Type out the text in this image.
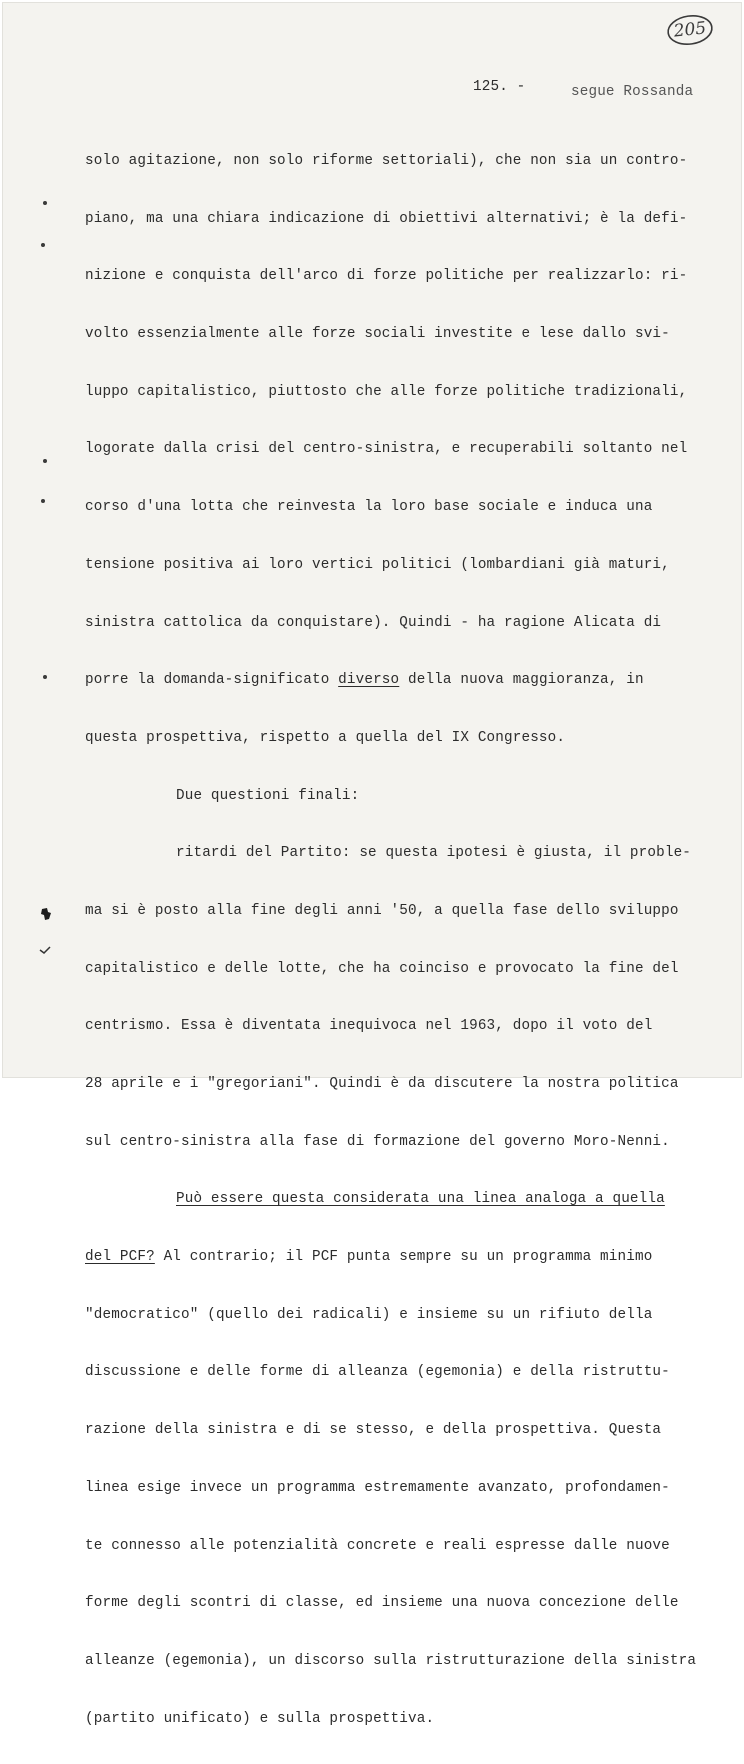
205
125. -	segue Rossanda

solo agitazione, non solo riforme settoriali), che non sia un contro-

piano, ma una chiara indicazione di obiettivi alternativi; è la defi-

nizione e conquista dell'arco di forze politiche per realizzarlo: ri-

volto essenzialmente alle forze sociali investite e lese dallo svi-

luppo capitalistico, piuttosto che alle forze politiche tradizionali,

logorate dalla crisi del centro-sinistra, e recuperabili soltanto nel

corso d'una lotta che reinvesta la loro base sociale e induca una

tensione positiva ai loro vertici politici (lombardiani già maturi,

sinistra cattolica da conquistare). Quindi - ha ragione Alicata di

porre la domanda-significato diverso della nuova maggioranza, in

questa prospettiva, rispetto a quella del IX Congresso.

Due questioni finali:

ritardi del Partito: se questa ipotesi è giusta, il proble-

ma si è posto alla fine degli anni '50, a quella fase dello sviluppo

capitalistico e delle lotte, che ha coinciso e provocato la fine del

centrismo. Essa è diventata inequivoca nel 1963, dopo il voto del

28 aprile e i "gregoriani". Quindi è da discutere la nostra politica

sul centro-sinistra alla fase di formazione del governo Moro-Nenni.

Può essere questa considerata una linea analoga a quella

del PCF? Al contrario; il PCF punta sempre su un programma minimo

"democratico" (quello dei radicali) e insieme su un rifiuto della

discussione e delle forme di alleanza (egemonia) e della ristruttu-

razione della sinistra e di se stesso, e della prospettiva. Questa

linea esige invece un programma estremamente avanzato, profondamen-

te connesso alle potenzialità concrete e reali espresse dalle nuove

forme degli scontri di classe, ed insieme una nuova concezione delle

alleanze (egemonia), un discorso sulla ristrutturazione della sinistra

(partito unificato) e sulla prospettiva.
